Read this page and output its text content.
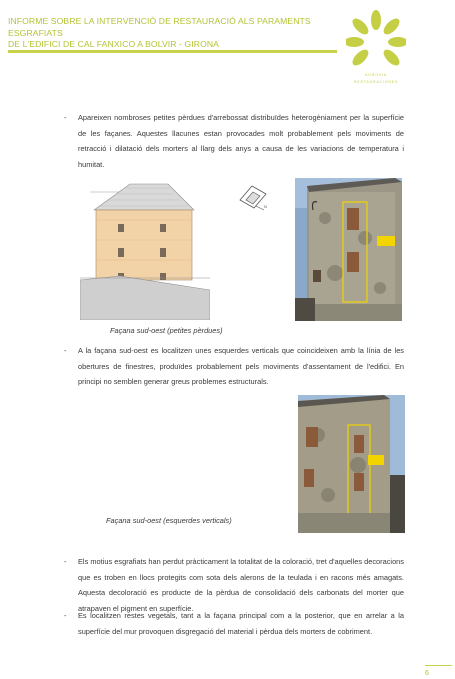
INFORME SOBRE LA INTERVENCIÓ DE RESTAURACIÓ ALS PARAMENTS ESGRAFIATS
DE L'EDIFICI DE CAL FANXICO A BOLVIR - GIRONA
AUROVIA
RESTAURACIONES
- Apareixen nombroses petites pèrdues d'arrebossat distribuïdes heterogèniament per la superfície de les façanes. Aquestes llacunes estan provocades molt probablement pels moviments de retracció i dilatació dels morters al llarg dels anys a causa de les variacions de temperatura i humitat.
N
Façana sud-oest (petites pèrdues)
- A la façana sud-oest es localitzen unes esquerdes verticals que coincideixen amb la línia de les obertures de finestres, produïdes probablement pels moviments d'assentament de l'edifici. En principi no semblen generar greus problemes estructurals.
Façana sud-oest (esquerdes verticals)
- Els motius esgrafiats han perdut pràcticament la totalitat de la coloració, tret d'aquelles decoracions que es troben en llocs protegits com sota dels alerons de la teulada i en racons més amagats. Aquesta decoloració es producte de la pèrdua de consolidació dels carbonats del morter que atrapaven el pigment en superfície.
- Es localitzen restes vegetals, tant a la façana principal com a la posterior, que en arrelar a la superfície del mur provoquen disgregació del material i pèrdua dels morters de cobriment.
6
